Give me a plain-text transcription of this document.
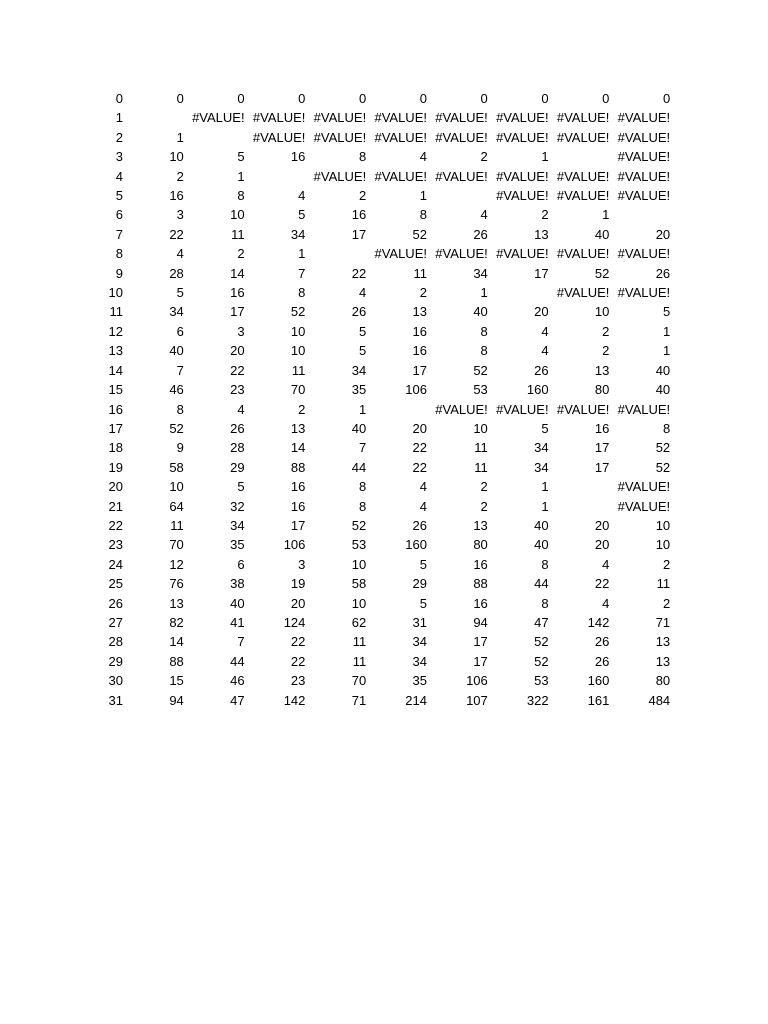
0	0	0	0	0	0	0	0	0	0
1		#VALUE!	#VALUE!	#VALUE!	#VALUE!	#VALUE!	#VALUE!	#VALUE!	#VALUE!
2	1		#VALUE!	#VALUE!	#VALUE!	#VALUE!	#VALUE!	#VALUE!	#VALUE!
3	10	5	16	8	4	2	1		#VALUE!
4	2	1		#VALUE!	#VALUE!	#VALUE!	#VALUE!	#VALUE!	#VALUE!
5	16	8	4	2	1		#VALUE!	#VALUE!	#VALUE!
6	3	10	5	16	8	4	2	1	
7	22	11	34	17	52	26	13	40	20
8	4	2	1		#VALUE!	#VALUE!	#VALUE!	#VALUE!	#VALUE!
9	28	14	7	22	11	34	17	52	26
10	5	16	8	4	2	1		#VALUE!	#VALUE!
11	34	17	52	26	13	40	20	10	5
12	6	3	10	5	16	8	4	2	1
13	40	20	10	5	16	8	4	2	1
14	7	22	11	34	17	52	26	13	40
15	46	23	70	35	106	53	160	80	40
16	8	4	2	1		#VALUE!	#VALUE!	#VALUE!	#VALUE!
17	52	26	13	40	20	10	5	16	8
18	9	28	14	7	22	11	34	17	52
19	58	29	88	44	22	11	34	17	52
20	10	5	16	8	4	2	1		#VALUE!
21	64	32	16	8	4	2	1		#VALUE!
22	11	34	17	52	26	13	40	20	10
23	70	35	106	53	160	80	40	20	10
24	12	6	3	10	5	16	8	4	2
25	76	38	19	58	29	88	44	22	11
26	13	40	20	10	5	16	8	4	2
27	82	41	124	62	31	94	47	142	71
28	14	7	22	11	34	17	52	26	13
29	88	44	22	11	34	17	52	26	13
30	15	46	23	70	35	106	53	160	80
31	94	47	142	71	214	107	322	161	484
